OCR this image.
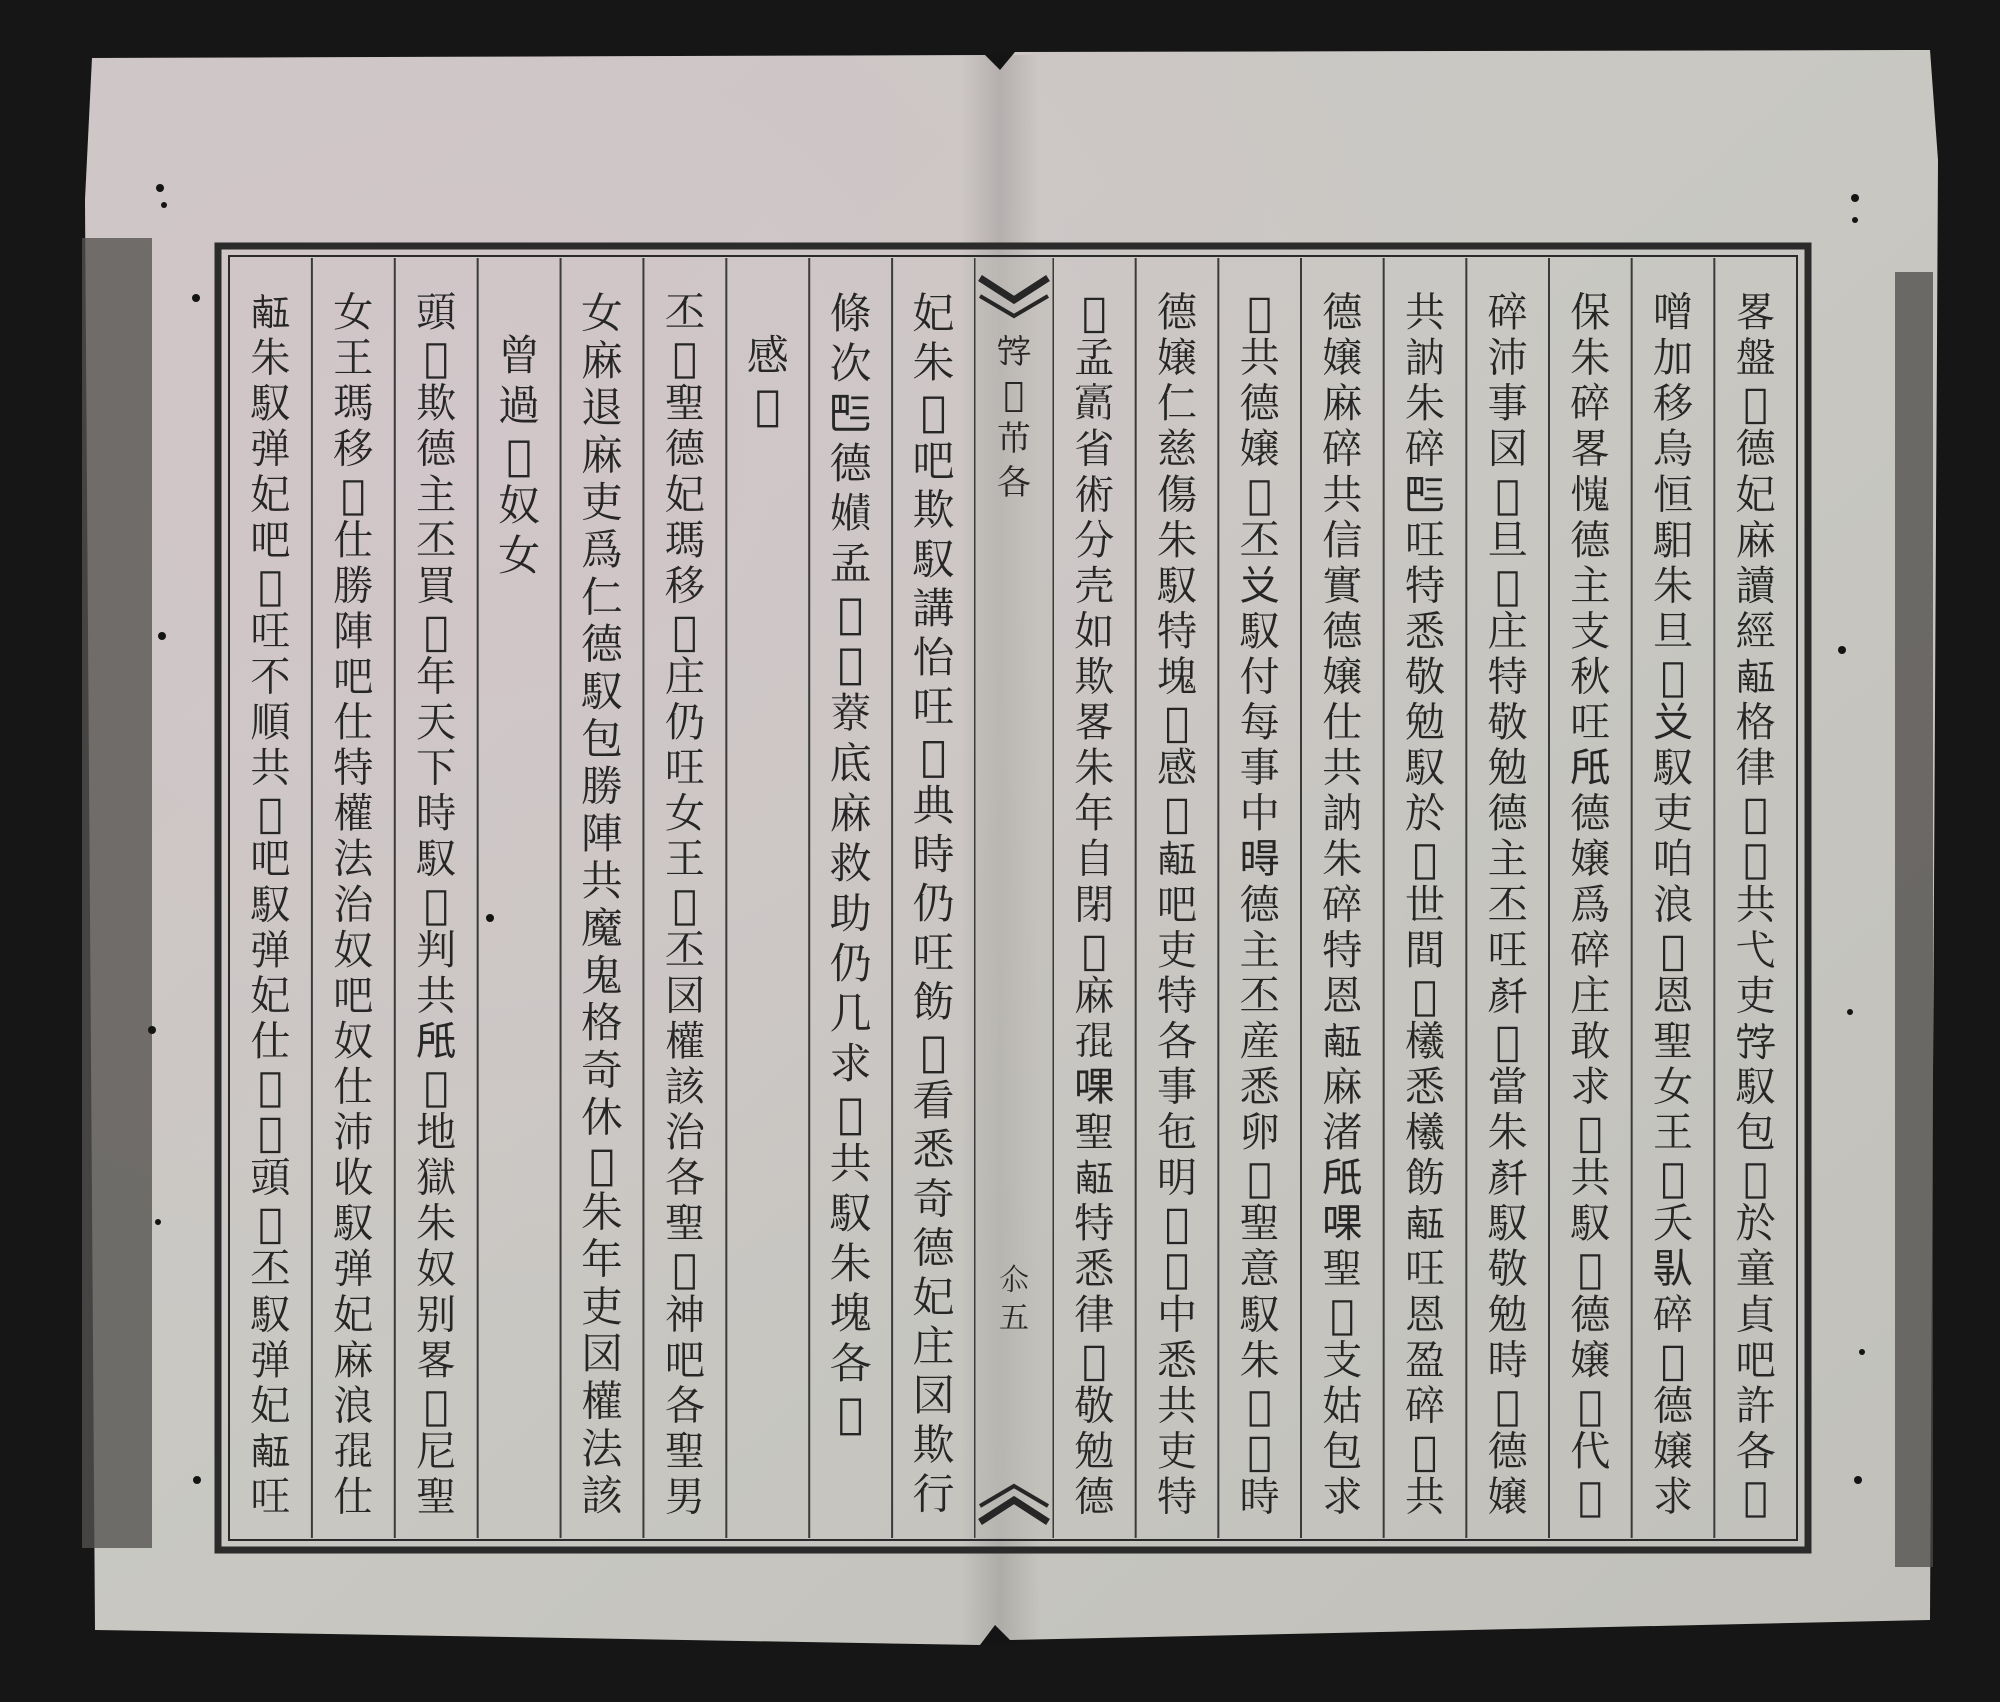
畧盤𢵰德妃麻讀經𠄼格律𦄵𥢅共弋吏𡨸馭包𢚸於童貞吧許各𢴑
噌加移烏恒馹朱旦𢧚𠬠馭吏㕷浪𨁪恩聖女王𠍦夭𠊛碎𡀮德嬢求
保朱碎畧𢢯德主支秋㕵𣱆德嬢爲碎庄敢求𡀮共馭𨁪德嬢𩈘代𫢩
碎沛事㘝𡛔旦𡨌庄特敬勉德主丕㕵𠦳𠍦當朱𠦳馭敬勉時𡀮德嬢
共訥朱碎𠀧㕵特悉敬勉馭於𡎝世間𡀮㰕悉㰕飭𠄼㕵恩盈碎𡀮共
德嬢麻碎共信實德嬢仕共訥朱碎特恩𠄼麻渚𣱆𠵩聖𦋦支姑包求
𡀮共德嬢𠃣丕𠬠馭付每事中𣈜德主丕産悉卵𧡊聖意馭朱𠌨𠛌時
德嬢仁慈傷朱馭特塊𥒥感𠯹𠄼吧吏特各事㐌明𡗶𫇰中悉共吏特
𨀈孟𡬂省術分壳如欺畧朱年自閉𢵰麻𡥵𠵩聖𠄼特悉律𦄵敬勉德
妃朱𢵰吧欺馭講怡㕵𠞺典時仍㕵飭𧦈看悉奇德妃庄㘝欺行
條次𠀧德𡢻孟𠹾𠁑𦼔底麻救助仍几求𡀮共馭朱塊各𥒥
感𠯹
丕𠍦聖德妃瑪移𠁀庄仍㕵女王𨔍丕㘝權該治各聖𡗶神吧各聖男
女麻退麻吏爲仁德馭包勝陣共魔鬼格奇休𥢅朱年吏㘝權法該
曾過𢵰奴女
頭𠹾欺德主丕買𡢐年天下時馭𠸗判共𣱆𡍢地獄朱奴别畧𫢩尼聖
女王瑪移𠁀仕勝陣吧仕特權法治奴吧奴仕沛收馭弹妃麻浪𡥵仕
𠄼朱馭弹妃吧𦝄㕵不順共𩵜吧馭弹妃仕𨀈𠼯頭𦝄丕馭弹妃𠄼㕵
𡨸𢁋芇各
𠇍五
